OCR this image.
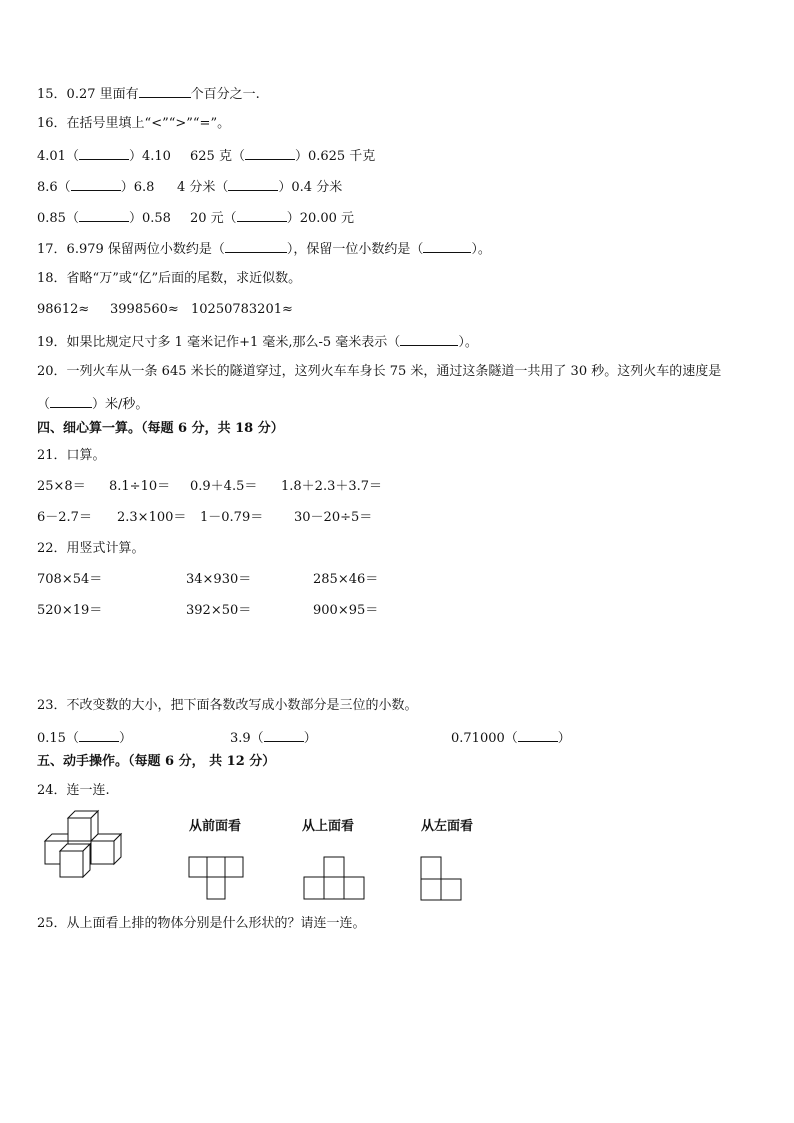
15．0.27 里面有	个百分之一.
16．在括号里填上“<”“>”“=”。
4.01（	）4.10 625 克（	）0.625 千克
8.6（	）6.8 4 分米（	）0.4 分米
0.85（	）0.58 20 元（	）20.00 元
17．6.979 保留两位小数约是（	），保留一位小数约是（	）。
18．省略“万”或“亿”后面的尾数，求近似数。
98612≈ 3998560≈ 10250783201≈
19．如果比规定尺寸多 1 毫米记作+1 毫米,那么-5 毫米表示（	）。
20．一列火车从一条 645 米长的隧道穿过，这列火车车身长 75 米，通过这条隧道一共用了 30 秒。这列火车的速度是
（	）米/秒。
四、细心算一算。（每题 6 分，共 18 分）
21．口算。
25×8＝ 8.1÷10＝ 0.9＋4.5＝ 1.8＋2.3＋3.7＝
6－2.7＝ 2.3×100＝ 1－0.79＝ 30－20÷5＝
22．用竖式计算。
708×54＝	34×930＝	285×46＝
520×19＝	392×50＝	900×95＝
23．不改变数的大小，把下面各数改写成小数部分是三位的小数。
0.15（	）	3.9（	）	0.71000（	）
五、动手操作。（每题 6 分， 共 12 分）
24．连一连.
从前面看	从上面看	从左面看
25．从上面看上排的物体分别是什么形状的？请连一连。
